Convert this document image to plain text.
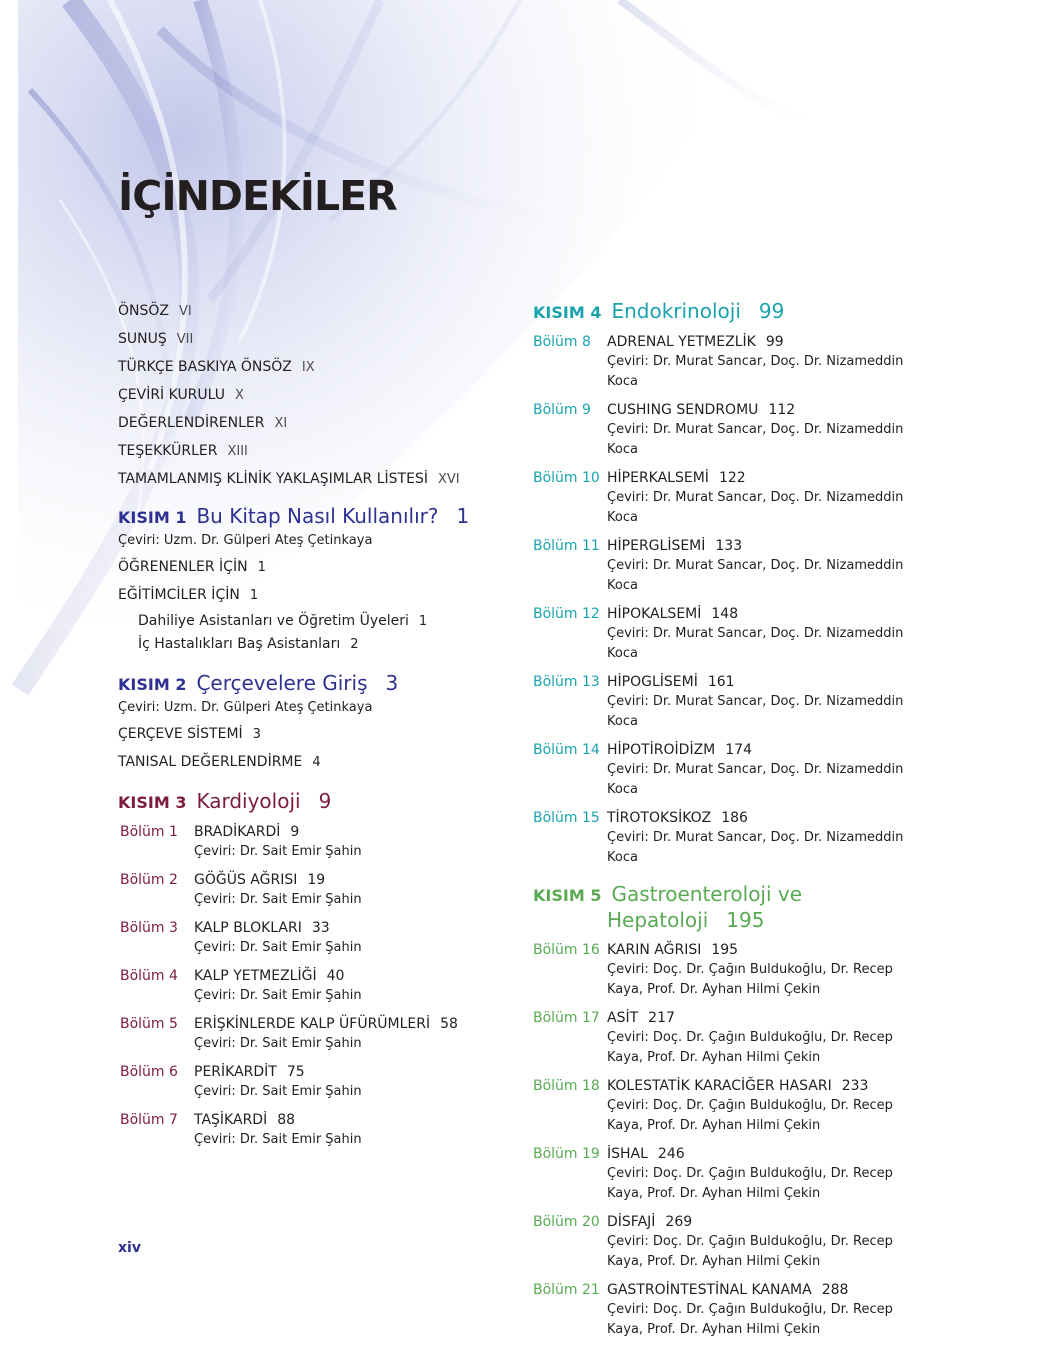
İÇİNDEKİLER
ÖNSÖZ VI
SUNUŞ VII
TÜRKÇE BASKIYA ÖNSÖZ IX
ÇEVİRİ KURULU X
DEĞERLENDİRENLER XI
TEŞEKKÜRLER XIII
TAMAMLANMIŞ KLİNİK YAKLAŞIMLAR LİSTESİ XVI
KISIM 1 Bu Kitap Nasıl Kullanılır? 1
Çeviri: Uzm. Dr. Gülperi Ateş Çetinkaya
ÖĞRENENLER İÇİN 1
EĞİTİMCİLER İÇİN 1
Dahiliye Asistanları ve Öğretim Üyeleri 1
İç Hastalıkları Baş Asistanları 2
KISIM 2 Çerçevelere Giriş 3
Çeviri: Uzm. Dr. Gülperi Ateş Çetinkaya
ÇERÇEVE SİSTEMİ 3
TANISAL DEĞERLENDİRME 4
KISIM 3 Kardiyoloji 9
Bölüm 1	BRADİKARDİ 9
Çeviri: Dr. Sait Emir Şahin
Bölüm 2	GÖĞÜS AĞRISI 19
Çeviri: Dr. Sait Emir Şahin
Bölüm 3	KALP BLOKLARI 33
Çeviri: Dr. Sait Emir Şahin
Bölüm 4	KALP YETMEZLİĞİ 40
Çeviri: Dr. Sait Emir Şahin
Bölüm 5	ERİŞKİNLERDE KALP ÜFÜRÜMLERİ 58
Çeviri: Dr. Sait Emir Şahin
Bölüm 6	PERİKARDİT 75
Çeviri: Dr. Sait Emir Şahin
Bölüm 7	TAŞİKARDİ 88
Çeviri: Dr. Sait Emir Şahin
KISIM 4 Endokrinoloji 99
Bölüm 8	ADRENAL YETMEZLİK 99
Çeviri: Dr. Murat Sancar, Doç. Dr. Nizameddin Koca
Bölüm 9	CUSHING SENDROMU 112
Çeviri: Dr. Murat Sancar, Doç. Dr. Nizameddin Koca
Bölüm 10 HİPERKALSEMİ 122
Çeviri: Dr. Murat Sancar, Doç. Dr. Nizameddin Koca
Bölüm 11 HİPERGLİSEMİ 133
Çeviri: Dr. Murat Sancar, Doç. Dr. Nizameddin Koca
Bölüm 12 HİPOKALSEMİ 148
Çeviri: Dr. Murat Sancar, Doç. Dr. Nizameddin Koca
Bölüm 13 HİPOGLİSEMİ 161
Çeviri: Dr. Murat Sancar, Doç. Dr. Nizameddin Koca
Bölüm 14 HİPOTİROİDİZM 174
Çeviri: Dr. Murat Sancar, Doç. Dr. Nizameddin Koca
Bölüm 15 TİROTOKSİKOZ 186
Çeviri: Dr. Murat Sancar, Doç. Dr. Nizameddin Koca
KISIM 5 Gastroenteroloji ve Hepatoloji 195
Bölüm 16 KARIN AĞRISI 195
Çeviri: Doç. Dr. Çağın Buldukoğlu, Dr. Recep Kaya, Prof. Dr. Ayhan Hilmi Çekin
Bölüm 17 ASİT 217
Çeviri: Doç. Dr. Çağın Buldukoğlu, Dr. Recep Kaya, Prof. Dr. Ayhan Hilmi Çekin
Bölüm 18 KOLESTATİK KARACİĞER HASARI 233
Çeviri: Doç. Dr. Çağın Buldukoğlu, Dr. Recep Kaya, Prof. Dr. Ayhan Hilmi Çekin
Bölüm 19 İSHAL 246
Çeviri: Doç. Dr. Çağın Buldukoğlu, Dr. Recep Kaya, Prof. Dr. Ayhan Hilmi Çekin
Bölüm 20 DİSFAJİ 269
Çeviri: Doç. Dr. Çağın Buldukoğlu, Dr. Recep Kaya, Prof. Dr. Ayhan Hilmi Çekin
Bölüm 21 GASTROİNTESTİNAL KANAMA 288
Çeviri: Doç. Dr. Çağın Buldukoğlu, Dr. Recep Kaya, Prof. Dr. Ayhan Hilmi Çekin
xiv
